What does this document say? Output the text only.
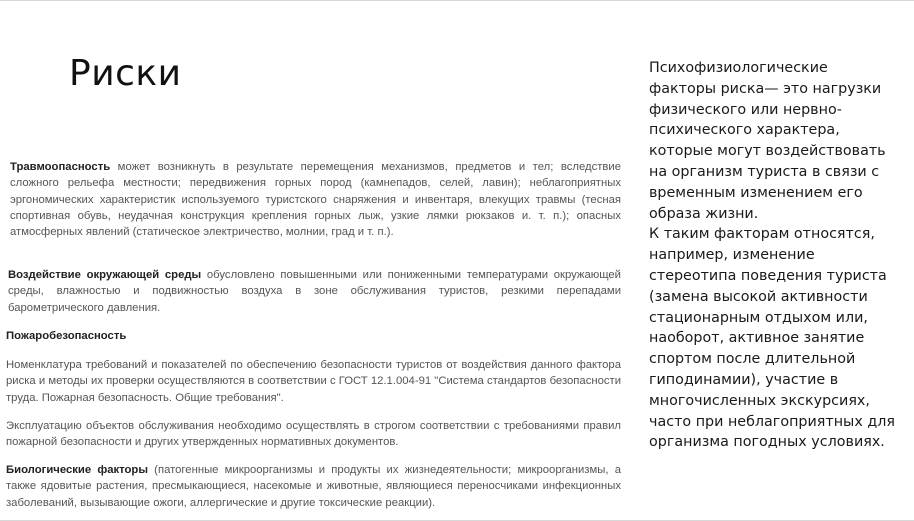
Риски

Травмоопасность может возникнуть в результате перемещения механизмов, предметов и тел; вследствие сложного рельефа местности; передвижения горных пород (камнепадов, селей, лавин); неблагоприятных эргономических характеристик используемого туристского снаряжения и инвентаря, влекущих травмы (тесная спортивная обувь, неудачная конструкция крепления горных лыж, узкие лямки рюкзаков и. т. п.); опасных атмосферных явлений (статическое электричество, молнии, град и т. п.).

Воздействие окружающей среды обусловлено повышенными или пониженными температурами окружающей среды, влажностью и подвижностью воздуха в зоне обслуживания туристов, резкими перепадами барометрического давления.

Пожаробезопасность

Номенклатура требований и показателей по обеспечению безопасности туристов от воздействия данного фактора риска и методы их проверки осуществляются в соответствии с ГОСТ 12.1.004-91 "Система стандартов безопасности труда. Пожарная безопасность. Общие требования".

Эксплуатацию объектов обслуживания необходимо осуществлять в строгом соответствии с требованиями правил пожарной безопасности и других утвержденных нормативных документов.

Биологические факторы (патогенные микроорганизмы и продукты их жизнедеятельности; микроорганизмы, а также ядовитые растения, пресмыкающиеся, насекомые и животные, являющиеся переносчиками инфекционных заболеваний, вызывающие ожоги, аллергические и другие токсические реакции).

Психофизиологические факторы риска— это нагрузки физического или нервно-психического характера, которые могут воздействовать на организм туриста в связи с временным изменением его образа жизни.

К таким факторам относятся, например, изменение стереотипа поведения туриста (замена высокой активности стационарным отдыхом или, наоборот, активное занятие спортом после длительной гиподинамии), участие в многочисленных экскурсиях, часто при неблагоприятных для организма погодных условиях.
